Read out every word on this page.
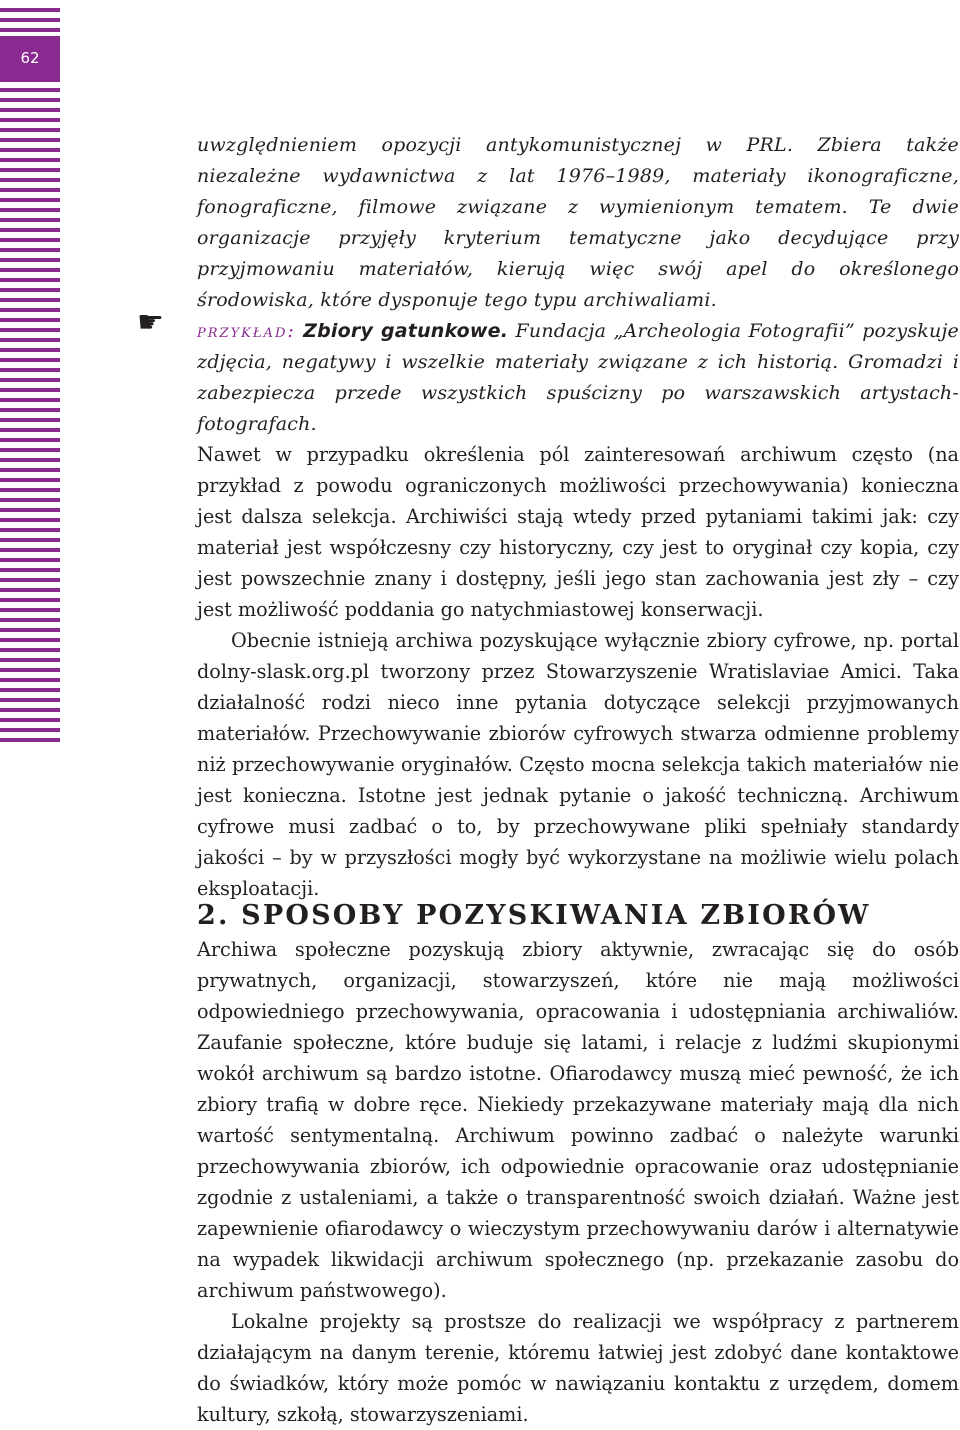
62

uwzględnieniem opozycji antykomunistycznej w PRL. Zbiera także niezależne wydawnictwa z lat 1976–1989, materiały ikonograficzne, fonograficzne, filmowe związane z wymienionym tematem. Te dwie organizacje przyjęły kryterium tematyczne jako decydujące przy przyjmowaniu materiałów, kierują więc swój apel do określonego środowiska, które dysponuje tego typu archiwaliami.

☛ przykład: Zbiory gatunkowe. Fundacja „Archeologia Fotografii” pozyskuje zdjęcia, negatywy i wszelkie materiały związane z ich historią. Gromadzi i zabezpiecza przede wszystkich spuścizny po warszawskich artystach-fotografach.

Nawet w przypadku określenia pól zainteresowań archiwum często (na przykład z powodu ograniczonych możliwości przechowywania) konieczna jest dalsza selekcja. Archiwiści stają wtedy przed pytaniami takimi jak: czy materiał jest współczesny czy historyczny, czy jest to oryginał czy kopia, czy jest powszechnie znany i dostępny, jeśli jego stan zachowania jest zły – czy jest możliwość poddania go natychmiastowej konserwacji.

Obecnie istnieją archiwa pozyskujące wyłącznie zbiory cyfrowe, np. portal dolny-slask.org.pl tworzony przez Stowarzyszenie Wratislaviae Amici. Taka działalność rodzi nieco inne pytania dotyczące selekcji przyjmowanych materiałów. Przechowywanie zbiorów cyfrowych stwarza odmienne problemy niż przechowywanie oryginałów. Często mocna selekcja takich materiałów nie jest konieczna. Istotne jest jednak pytanie o jakość techniczną. Archiwum cyfrowe musi zadbać o to, by przechowywane pliki spełniały standardy jakości – by w przyszłości mogły być wykorzystane na możliwie wielu polach eksploatacji.

2. SPOSOBY POZYSKIWANIA ZBIORÓW

Archiwa społeczne pozyskują zbiory aktywnie, zwracając się do osób prywatnych, organizacji, stowarzyszeń, które nie mają możliwości odpowiedniego przechowywania, opracowania i udostępniania archiwaliów. Zaufanie społeczne, które buduje się latami, i relacje z ludźmi skupionymi wokół archiwum są bardzo istotne. Ofiarodawcy muszą mieć pewność, że ich zbiory trafią w dobre ręce. Niekiedy przekazywane materiały mają dla nich wartość sentymentalną. Archiwum powinno zadbać o należyte warunki przechowywania zbiorów, ich odpowiednie opracowanie oraz udostępnianie zgodnie z ustaleniami, a także o transparentność swoich działań. Ważne jest zapewnienie ofiarodawcy o wieczystym przechowywaniu darów i alternatywie na wypadek likwidacji archiwum społecznego (np. przekazanie zasobu do archiwum państwowego).

Lokalne projekty są prostsze do realizacji we współpracy z partnerem działającym na danym terenie, któremu łatwiej jest zdobyć dane kontaktowe do świadków, który może pomóc w nawiązaniu kontaktu z urzędem, domem kultury, szkołą, stowarzyszeniami.
